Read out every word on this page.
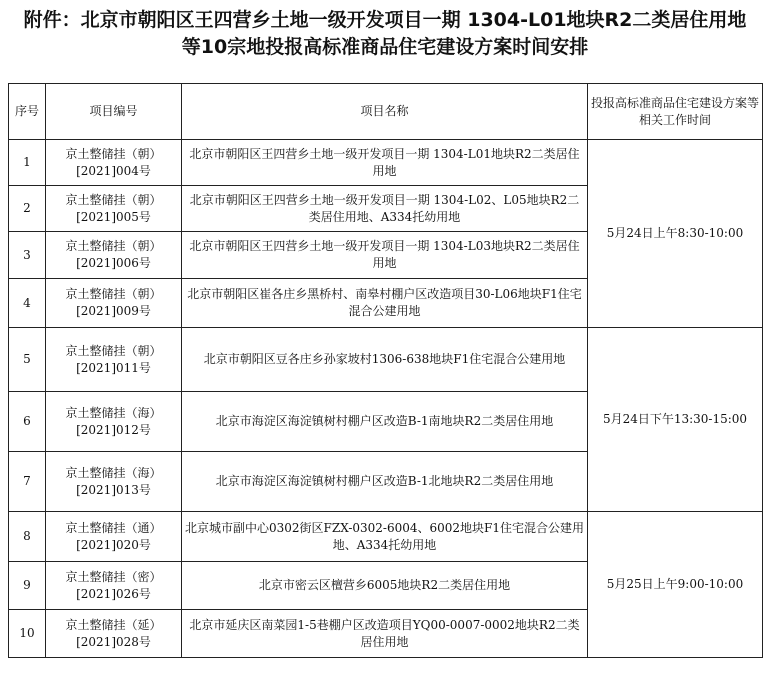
附件：北京市朝阳区王四营乡土地一级开发项目一期 1304-L01地块R2二类居住用地
等10宗地投报高标准商品住宅建设方案时间安排
序号	项目编号	项目名称	投报高标准商品住宅建设方案等相关工作时间
1	京土整储挂（朝）
[2021]004号	北京市朝阳区王四营乡土地一级开发项目一期 1304-L01地块R2二类居住用地	5月24日上午8:30-10:00
2	京土整储挂（朝）
[2021]005号	北京市朝阳区王四营乡土地一级开发项目一期 1304-L02、L05地块R2二类居住用地、A334托幼用地	
3	京土整储挂（朝）
[2021]006号	北京市朝阳区王四营乡土地一级开发项目一期 1304-L03地块R2二类居住用地	
4	京土整储挂（朝）
[2021]009号	北京市朝阳区崔各庄乡黑桥村、南皋村棚户区改造项目30-L06地块F1住宅混合公建用地	
5	京土整储挂（朝）
[2021]011号	北京市朝阳区豆各庄乡孙家坡村1306-638地块F1住宅混合公建用地	5月24日下午13:30-15:00
6	京土整储挂（海）
[2021]012号	北京市海淀区海淀镇树村棚户区改造B-1南地块R2二类居住用地	
7	京土整储挂（海）
[2021]013号	北京市海淀区海淀镇树村棚户区改造B-1北地块R2二类居住用地	
8	京土整储挂（通）
[2021]020号	北京城市副中心0302街区FZX-0302-6004、6002地块F1住宅混合公建用地、A334托幼用地	5月25日上午9:00-10:00
9	京土整储挂（密）
[2021]026号	北京市密云区檀营乡6005地块R2二类居住用地	
10	京土整储挂（延）
[2021]028号	北京市延庆区南菜园1-5巷棚户区改造项目YQ00-0007-0002地块R2二类居住用地	
